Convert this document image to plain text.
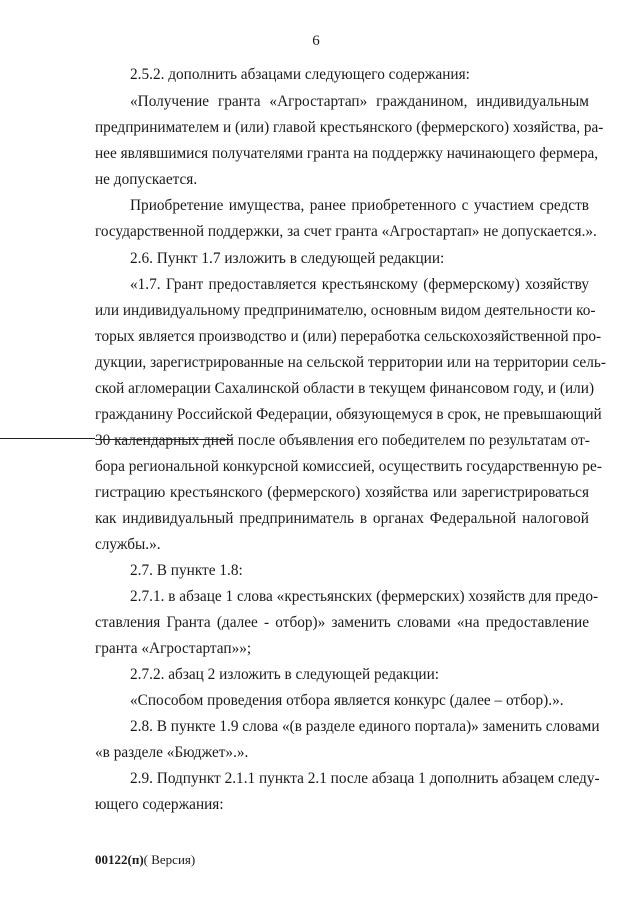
6

2.5.2. дополнить абзацами следующего содержания:

«Получение гранта «Агростартап» гражданином, индивидуальным

предпринимателем и (или) главой крестьянского (фермерского) хозяйства, ра-

нее являвшимися получателями гранта на поддержку начинающего фермера,

не допускается.

Приобретение имущества, ранее приобретенного с участием средств

государственной поддержки, за счет гранта «Агростартап» не допускается.».

2.6. Пункт 1.7 изложить в следующей редакции:

«1.7. Грант предоставляется крестьянскому (фермерскому) хозяйству

или индивидуальному предпринимателю, основным видом деятельности ко-

торых является производство и (или) переработка сельскохозяйственной про-

дукции, зарегистрированные на сельской территории или на территории сель-

ской агломерации Сахалинской области в текущем финансовом году, и (или)

гражданину Российской Федерации, обязующемуся в срок, не превышающий

30 календарных дней после объявления его победителем по результатам от-

бора региональной конкурсной комиссией, осуществить государственную ре-

гистрацию крестьянского (фермерского) хозяйства или зарегистрироваться

как индивидуальный предприниматель в органах Федеральной налоговой

службы.».

2.7. В пункте 1.8:

2.7.1. в абзаце 1 слова «крестьянских (фермерских) хозяйств для предо-

ставления Гранта (далее - отбор)» заменить словами «на предоставление

гранта «Агростартап»»;

2.7.2. абзац 2 изложить в следующей редакции:

«Способом проведения отбора является конкурс (далее – отбор).».

2.8. В пункте 1.9 слова «(в разделе единого портала)» заменить словами

«в разделе «Бюджет».».

2.9. Подпункт 2.1.1 пункта 2.1 после абзаца 1 дополнить абзацем следу-

ющего содержания:

00122(п)( Версия)
